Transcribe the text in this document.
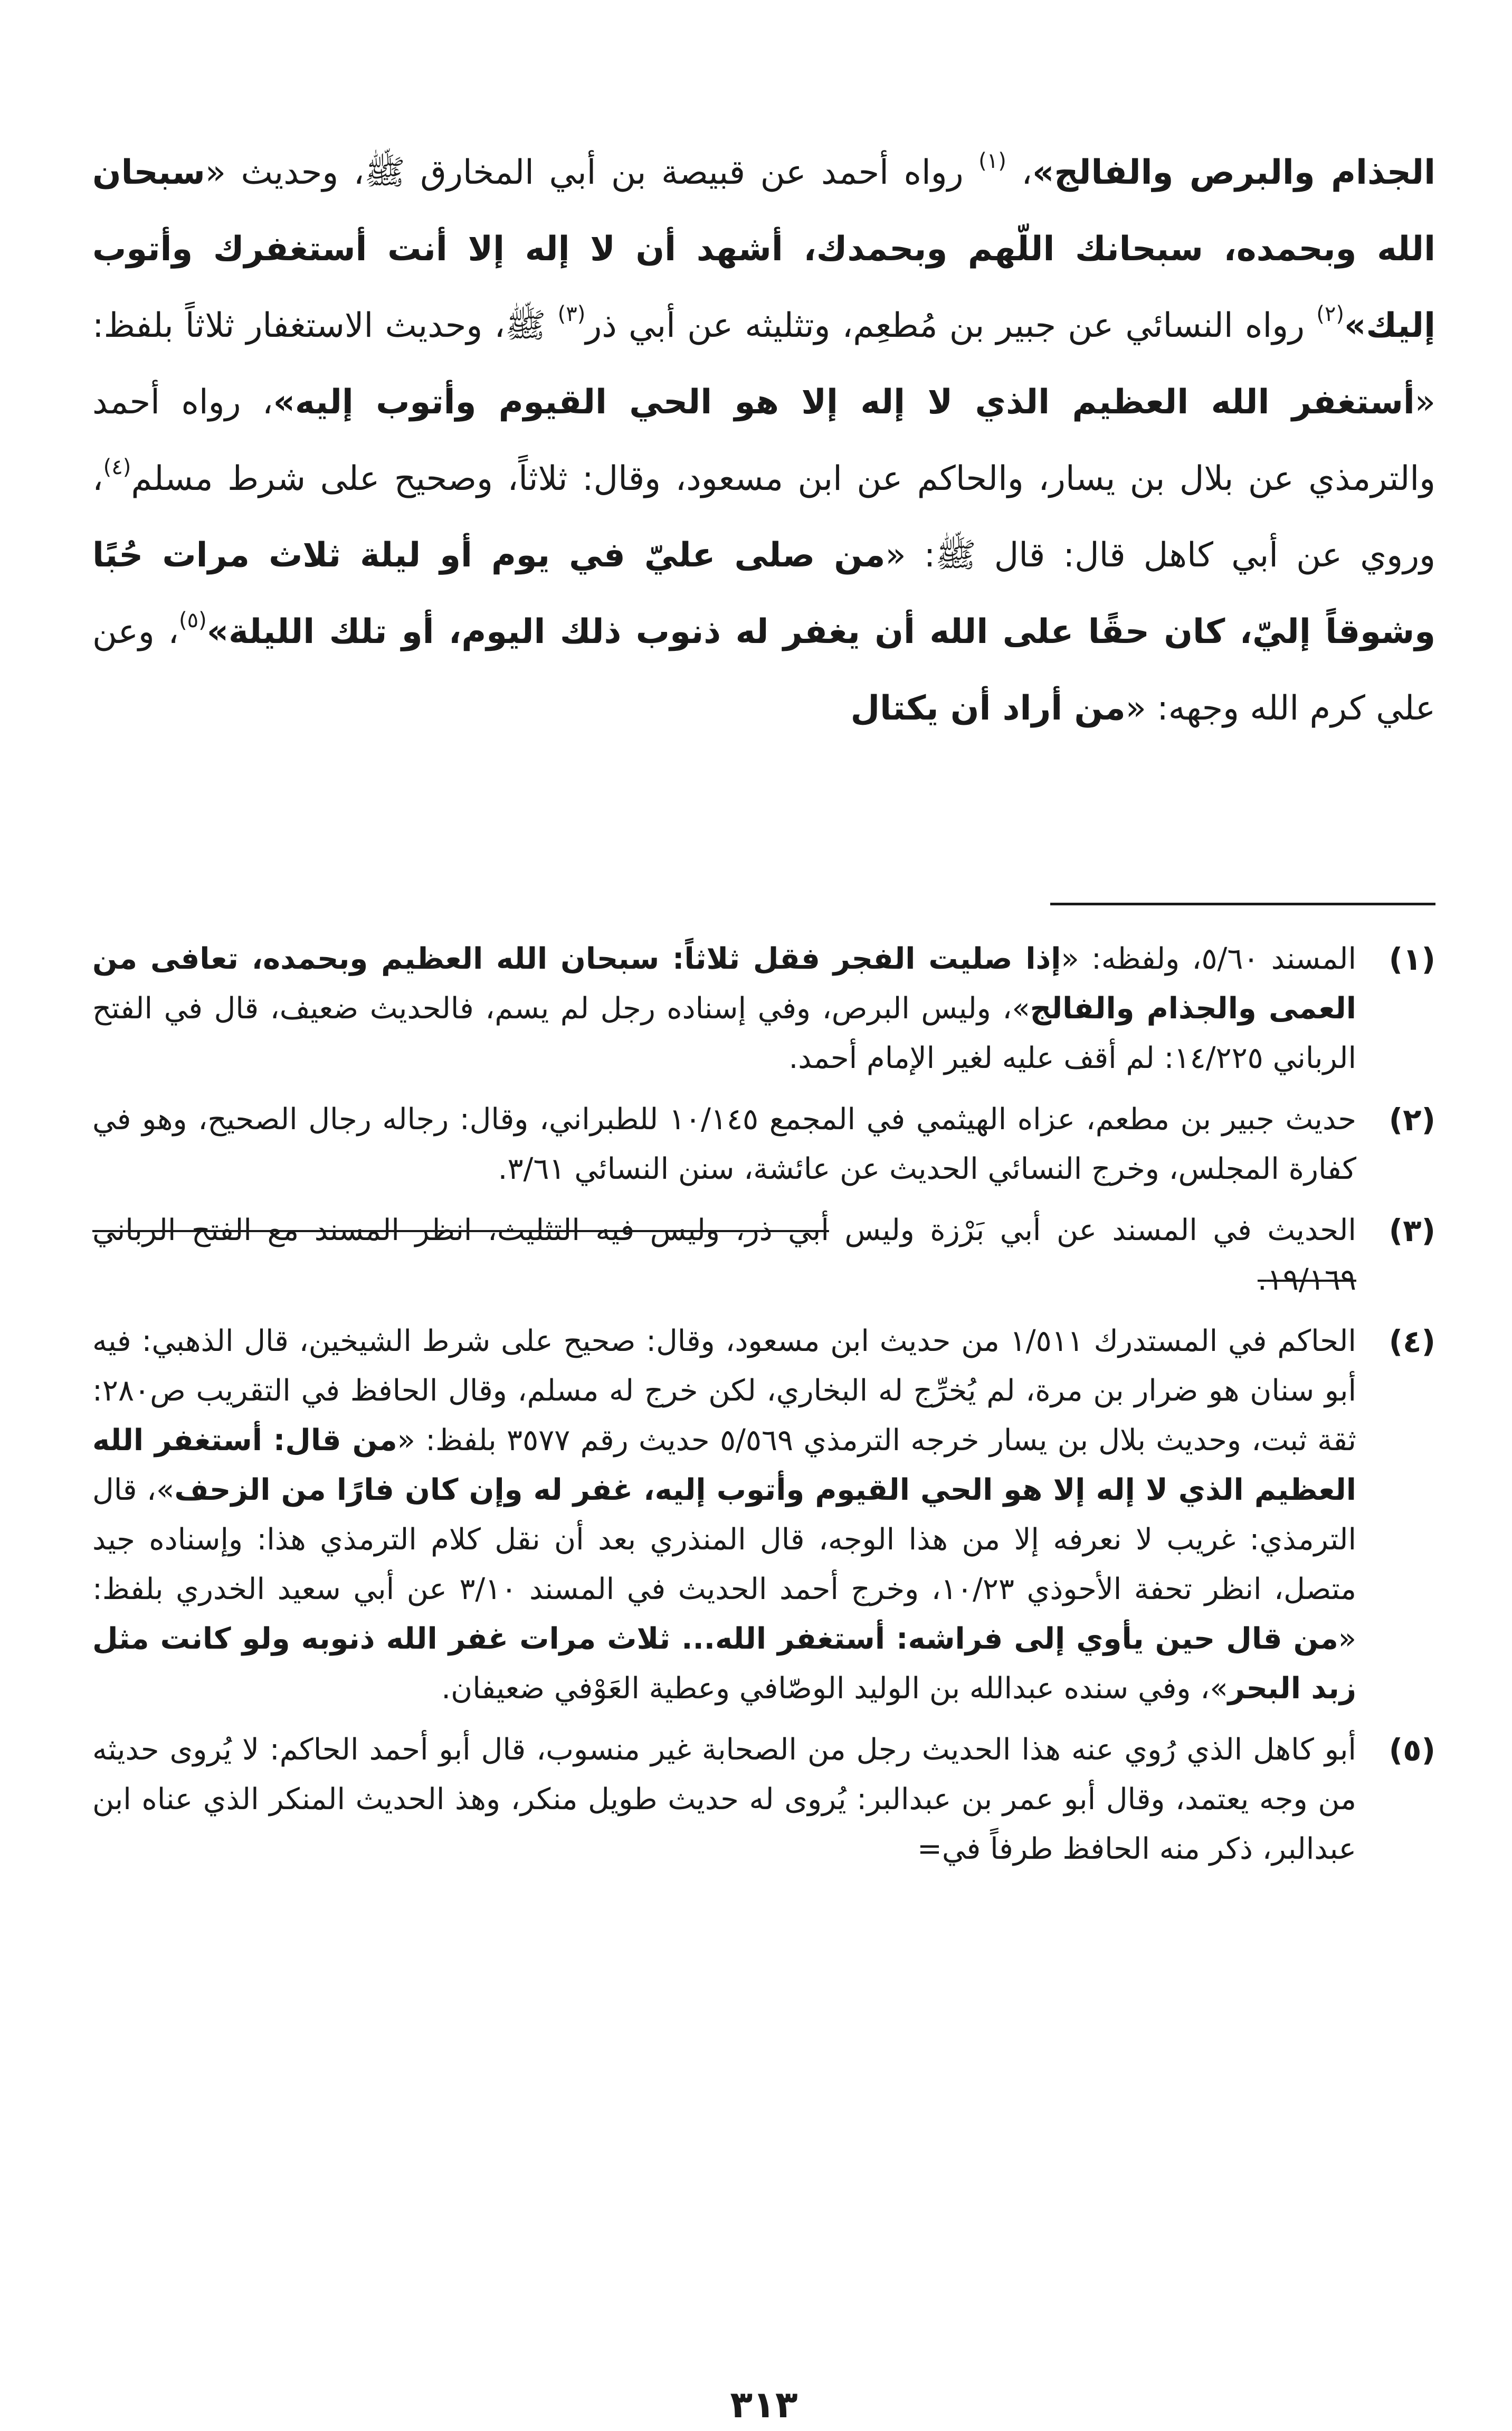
الجذام والبرص والفالج»، $^{(١)}$ رواه أحمد عن قبيصة بن أبي المخارق ﷺ، وحديث «سبحان الله وبحمده، سبحانك اللّهم وبحمدك، أشهد أن لا إله إلا أنت أستغفرك وأتوب إليك»$^{(٢)}$ رواه النسائي عن جبير بن مُطعِم، وتثليثه عن أبي ذر$^{(٣)}$ ﷺ، وحديث الاستغفار ثلاثاً بلفظ: «أستغفر الله العظيم الذي لا إله إلا هو الحي القيوم وأتوب إليه»، رواه أحمد والترمذي عن بلال بن يسار، والحاكم عن ابن مسعود، وقال: ثلاثاً، وصحيح على شرط مسلم$^{(٤)}$، وروي عن أبي كاهل قال: قال ﷺ: «من صلى عليّ في يوم أو ليلة ثلاث مرات حُبًا وشوقاً إليّ، كان حقًا على الله أن يغفر له ذنوب ذلك اليوم، أو تلك الليلة»$^{(٥)}$، وعن علي كرم الله وجهه: «من أراد أن يكتال

(١)
المسند ٥/٦٠، ولفظه: «إذا صليت الفجر فقل ثلاثاً: سبحان الله العظيم وبحمده، تعافى من العمى والجذام والفالج»، وليس البرص، وفي إسناده رجل لم يسم، فالحديث ضعيف، قال في الفتح الرباني ١٤/٢٢٥: لم أقف عليه لغير الإمام أحمد.
(٢)
حديث جبير بن مطعم، عزاه الهيثمي في المجمع ١٠/١٤٥ للطبراني، وقال: رجاله رجال الصحيح، وهو في كفارة المجلس، وخرج النسائي الحديث عن عائشة، سنن النسائي ٣/٦١.
(٣)
الحديث في المسند عن أبي بَرْزة وليس أبي ذر، وليس فيه التثليث، انظر المسند مع الفتح الرباني ١٩/١٦٩.
(٤)
الحاكم في المستدرك ١/٥١١ من حديث ابن مسعود، وقال: صحيح على شرط الشيخين، قال الذهبي: فيه أبو سنان هو ضرار بن مرة، لم يُخرِّج له البخاري، لكن خرج له مسلم، وقال الحافظ في التقريب ص٢٨٠: ثقة ثبت، وحديث بلال بن يسار خرجه الترمذي ٥/٥٦٩ حديث رقم ٣٥٧٧ بلفظ: «من قال: أستغفر الله العظيم الذي لا إله إلا هو الحي القيوم وأتوب إليه، غفر له وإن كان فارًا من الزحف»، قال الترمذي: غريب لا نعرفه إلا من هذا الوجه، قال المنذري بعد أن نقل كلام الترمذي هذا: وإسناده جيد متصل، انظر تحفة الأحوذي ١٠/٢٣، وخرج أحمد الحديث في المسند ٣/١٠ عن أبي سعيد الخدري بلفظ: «من قال حين يأوي إلى فراشه: أستغفر الله... ثلاث مرات غفر الله ذنوبه ولو كانت مثل زبد البحر»، وفي سنده عبدالله بن الوليد الوصّافي وعطية العَوْفي ضعيفان.
(٥)
أبو كاهل الذي رُوي عنه هذا الحديث رجل من الصحابة غير منسوب، قال أبو أحمد الحاكم: لا يُروى حديثه من وجه يعتمد، وقال أبو عمر بن عبدالبر: يُروى له حديث طويل منكر، وهذ الحديث المنكر الذي عناه ابن عبدالبر، ذكر منه الحافظ طرفاً في=
٣١٣
